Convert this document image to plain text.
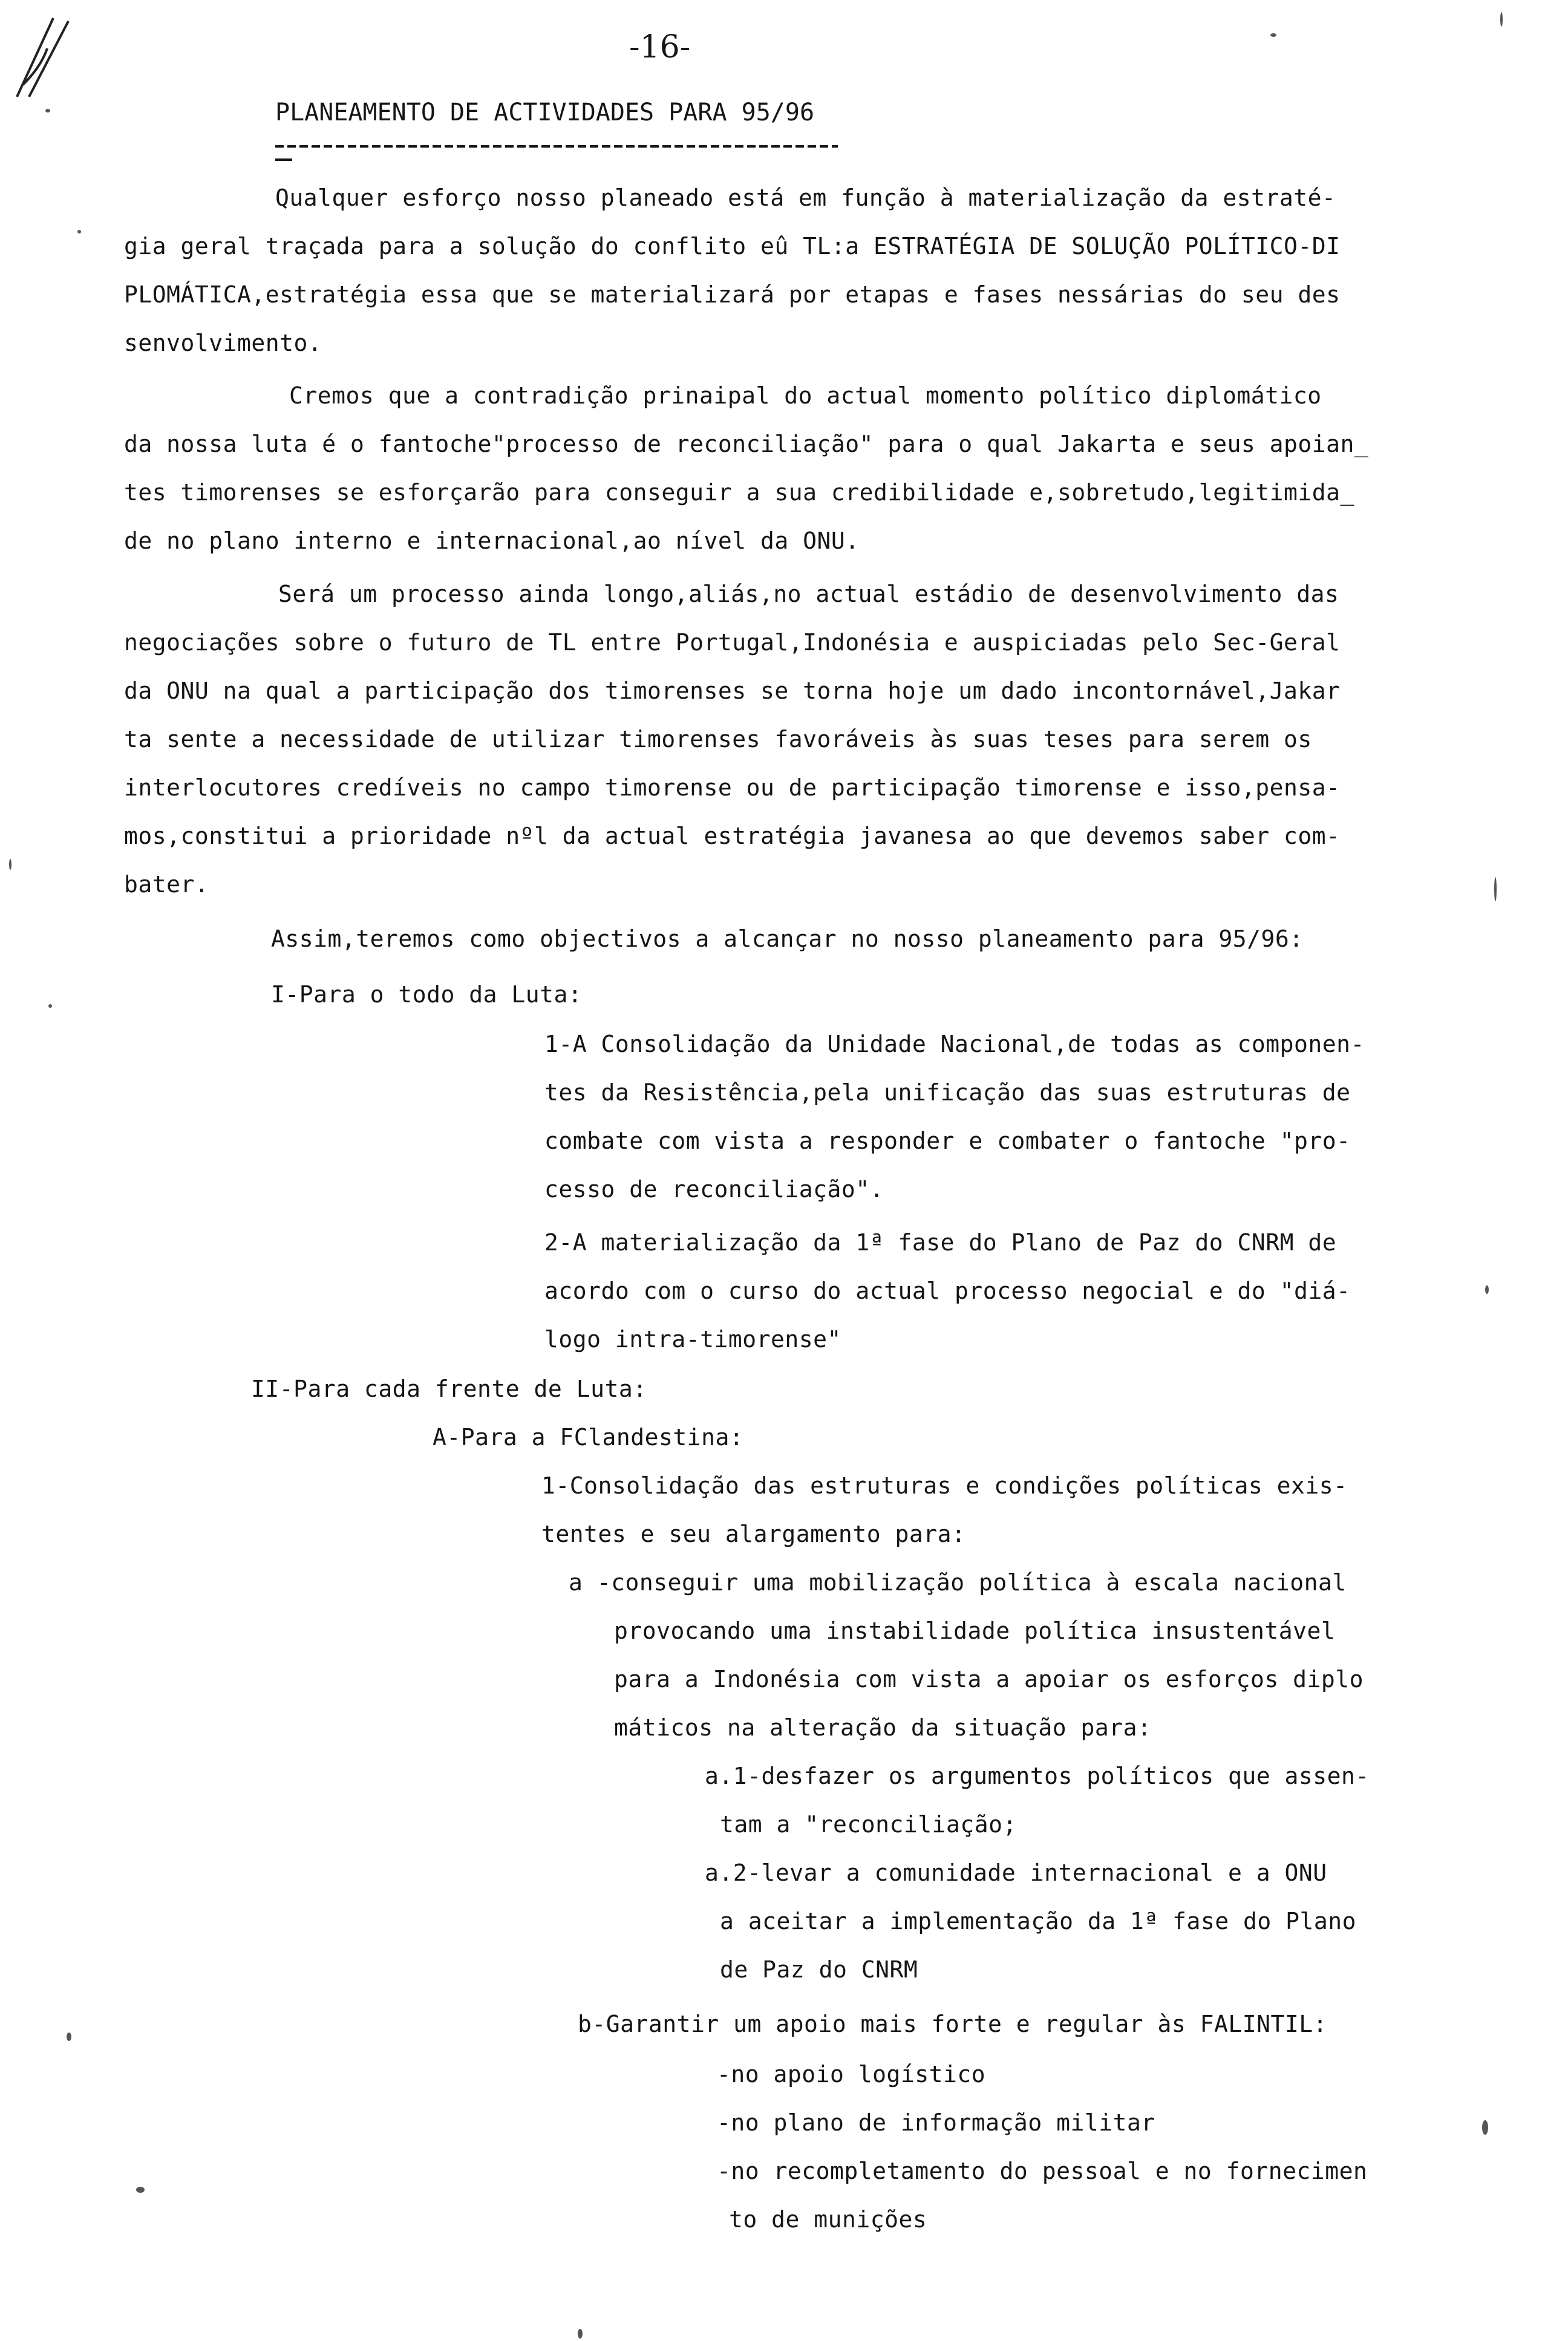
-16-
PLANEAMENTO DE ACTIVIDADES PARA 95/96
Qualquer esforço nosso planeado está em função à materialização da estraté-
gia geral traçada para a solução do conflito eû TL:a ESTRATÉGIA DE SOLUÇÃO POLÍTICO-DI
PLOMÁTICA,estratégia essa que se materializará por etapas e fases nessárias do seu des
senvolvimento.
Cremos que a contradição prinaipal do actual momento político diplomático
da nossa luta é o fantoche"processo de reconciliação" para o qual Jakarta e seus apoian_
tes timorenses se esforçarão para conseguir a sua credibilidade e,sobretudo,legitimida_
de no plano interno e internacional,ao nível da ONU.
Será um processo ainda longo,aliás,no actual estádio de desenvolvimento das
negociações sobre o futuro de TL entre Portugal,Indonésia e auspiciadas pelo Sec-Geral
da ONU na qual a participação dos timorenses se torna hoje um dado incontornável,Jakar
ta sente a necessidade de utilizar timorenses favoráveis às suas teses para serem os
interlocutores credíveis no campo timorense ou de participação timorense e isso,pensa-
mos,constitui a prioridade nºl da actual estratégia javanesa ao que devemos saber com-
bater.
Assim,teremos como objectivos a alcançar no nosso planeamento para 95/96:
I-Para o todo da Luta:
1-A Consolidação da Unidade Nacional,de todas as componen-
tes da Resistência,pela unificação das suas estruturas de
combate com vista a responder e combater o fantoche "pro-
cesso de reconciliação".
2-A materialização da 1ª fase do Plano de Paz do CNRM de
acordo com o curso do actual processo negocial e do "diá-
logo intra-timorense"
II-Para cada frente de Luta:
A-Para a FClandestina:
1-Consolidação das estruturas e condições políticas exis-
tentes e seu alargamento para:
a -conseguir uma mobilização política à escala nacional
provocando uma instabilidade política insustentável
para a Indonésia com vista a apoiar os esforços diplo
máticos na alteração da situação para:
a.1-desfazer os argumentos políticos que assen-
tam a "reconciliação;
a.2-levar a comunidade internacional e a ONU
a aceitar a implementação da 1ª fase do Plano
de Paz do CNRM
b-Garantir um apoio mais forte e regular às FALINTIL:
-no apoio logístico
-no plano de informação militar
-no recompletamento do pessoal e no fornecimen
to de munições
